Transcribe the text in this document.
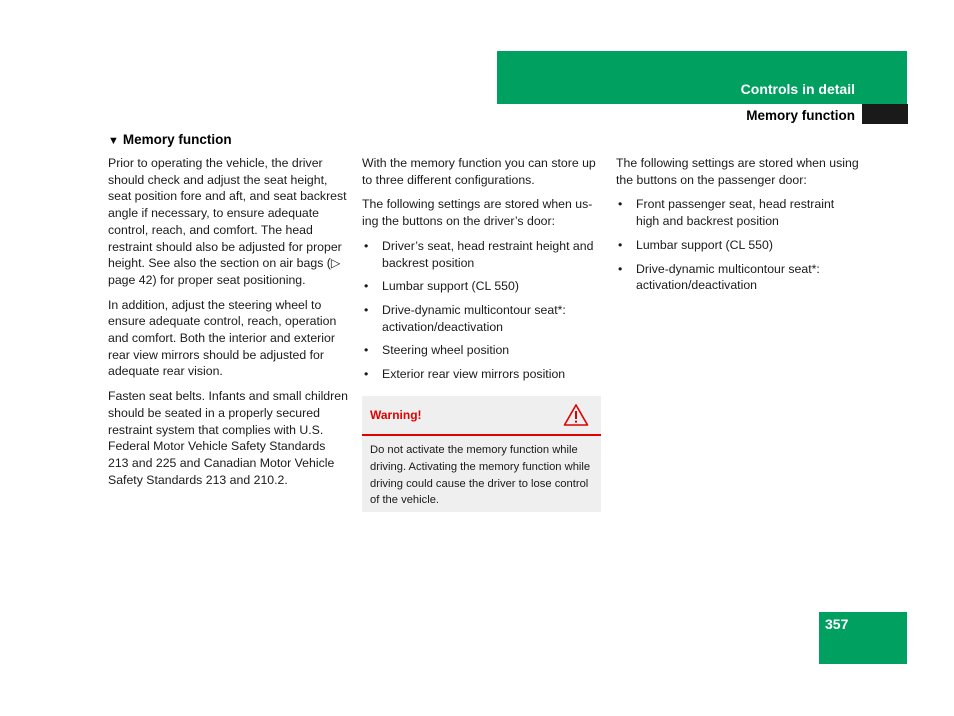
Controls in detail
Memory function
▼ Memory function

Prior to operating the vehicle, the driver should check and adjust the seat height, seat position fore and aft, and seat backrest angle if necessary, to ensure adequate control, reach, and comfort. The head restraint should also be adjusted for proper height. See also the section on air bags (▷ page 42) for proper seat positioning.

In addition, adjust the steering wheel to ensure adequate control, reach, operation and comfort. Both the interior and exterior rear view mirrors should be adjusted for adequate rear vision.

Fasten seat belts. Infants and small children should be seated in a properly secured restraint system that complies with U.S. Federal Motor Vehicle Safety Standards 213 and 225 and Canadian Motor Vehicle Safety Standards 213 and 210.2.

With the memory function you can store up to three different configurations.

The following settings are stored when using the buttons on the driver’s door:

• Driver’s seat, head restraint height and backrest position
• Lumbar support (CL 550)
• Drive-dynamic multicontour seat*: activation/deactivation
• Steering wheel position
• Exterior rear view mirrors position
Warning!
Do not activate the memory function while driving. Activating the memory function while driving could cause the driver to lose control of the vehicle.

The following settings are stored when using the buttons on the passenger door:

• Front passenger seat, head restraint high and backrest position
• Lumbar support (CL 550)
• Drive-dynamic multicontour seat*: activation/deactivation
357
